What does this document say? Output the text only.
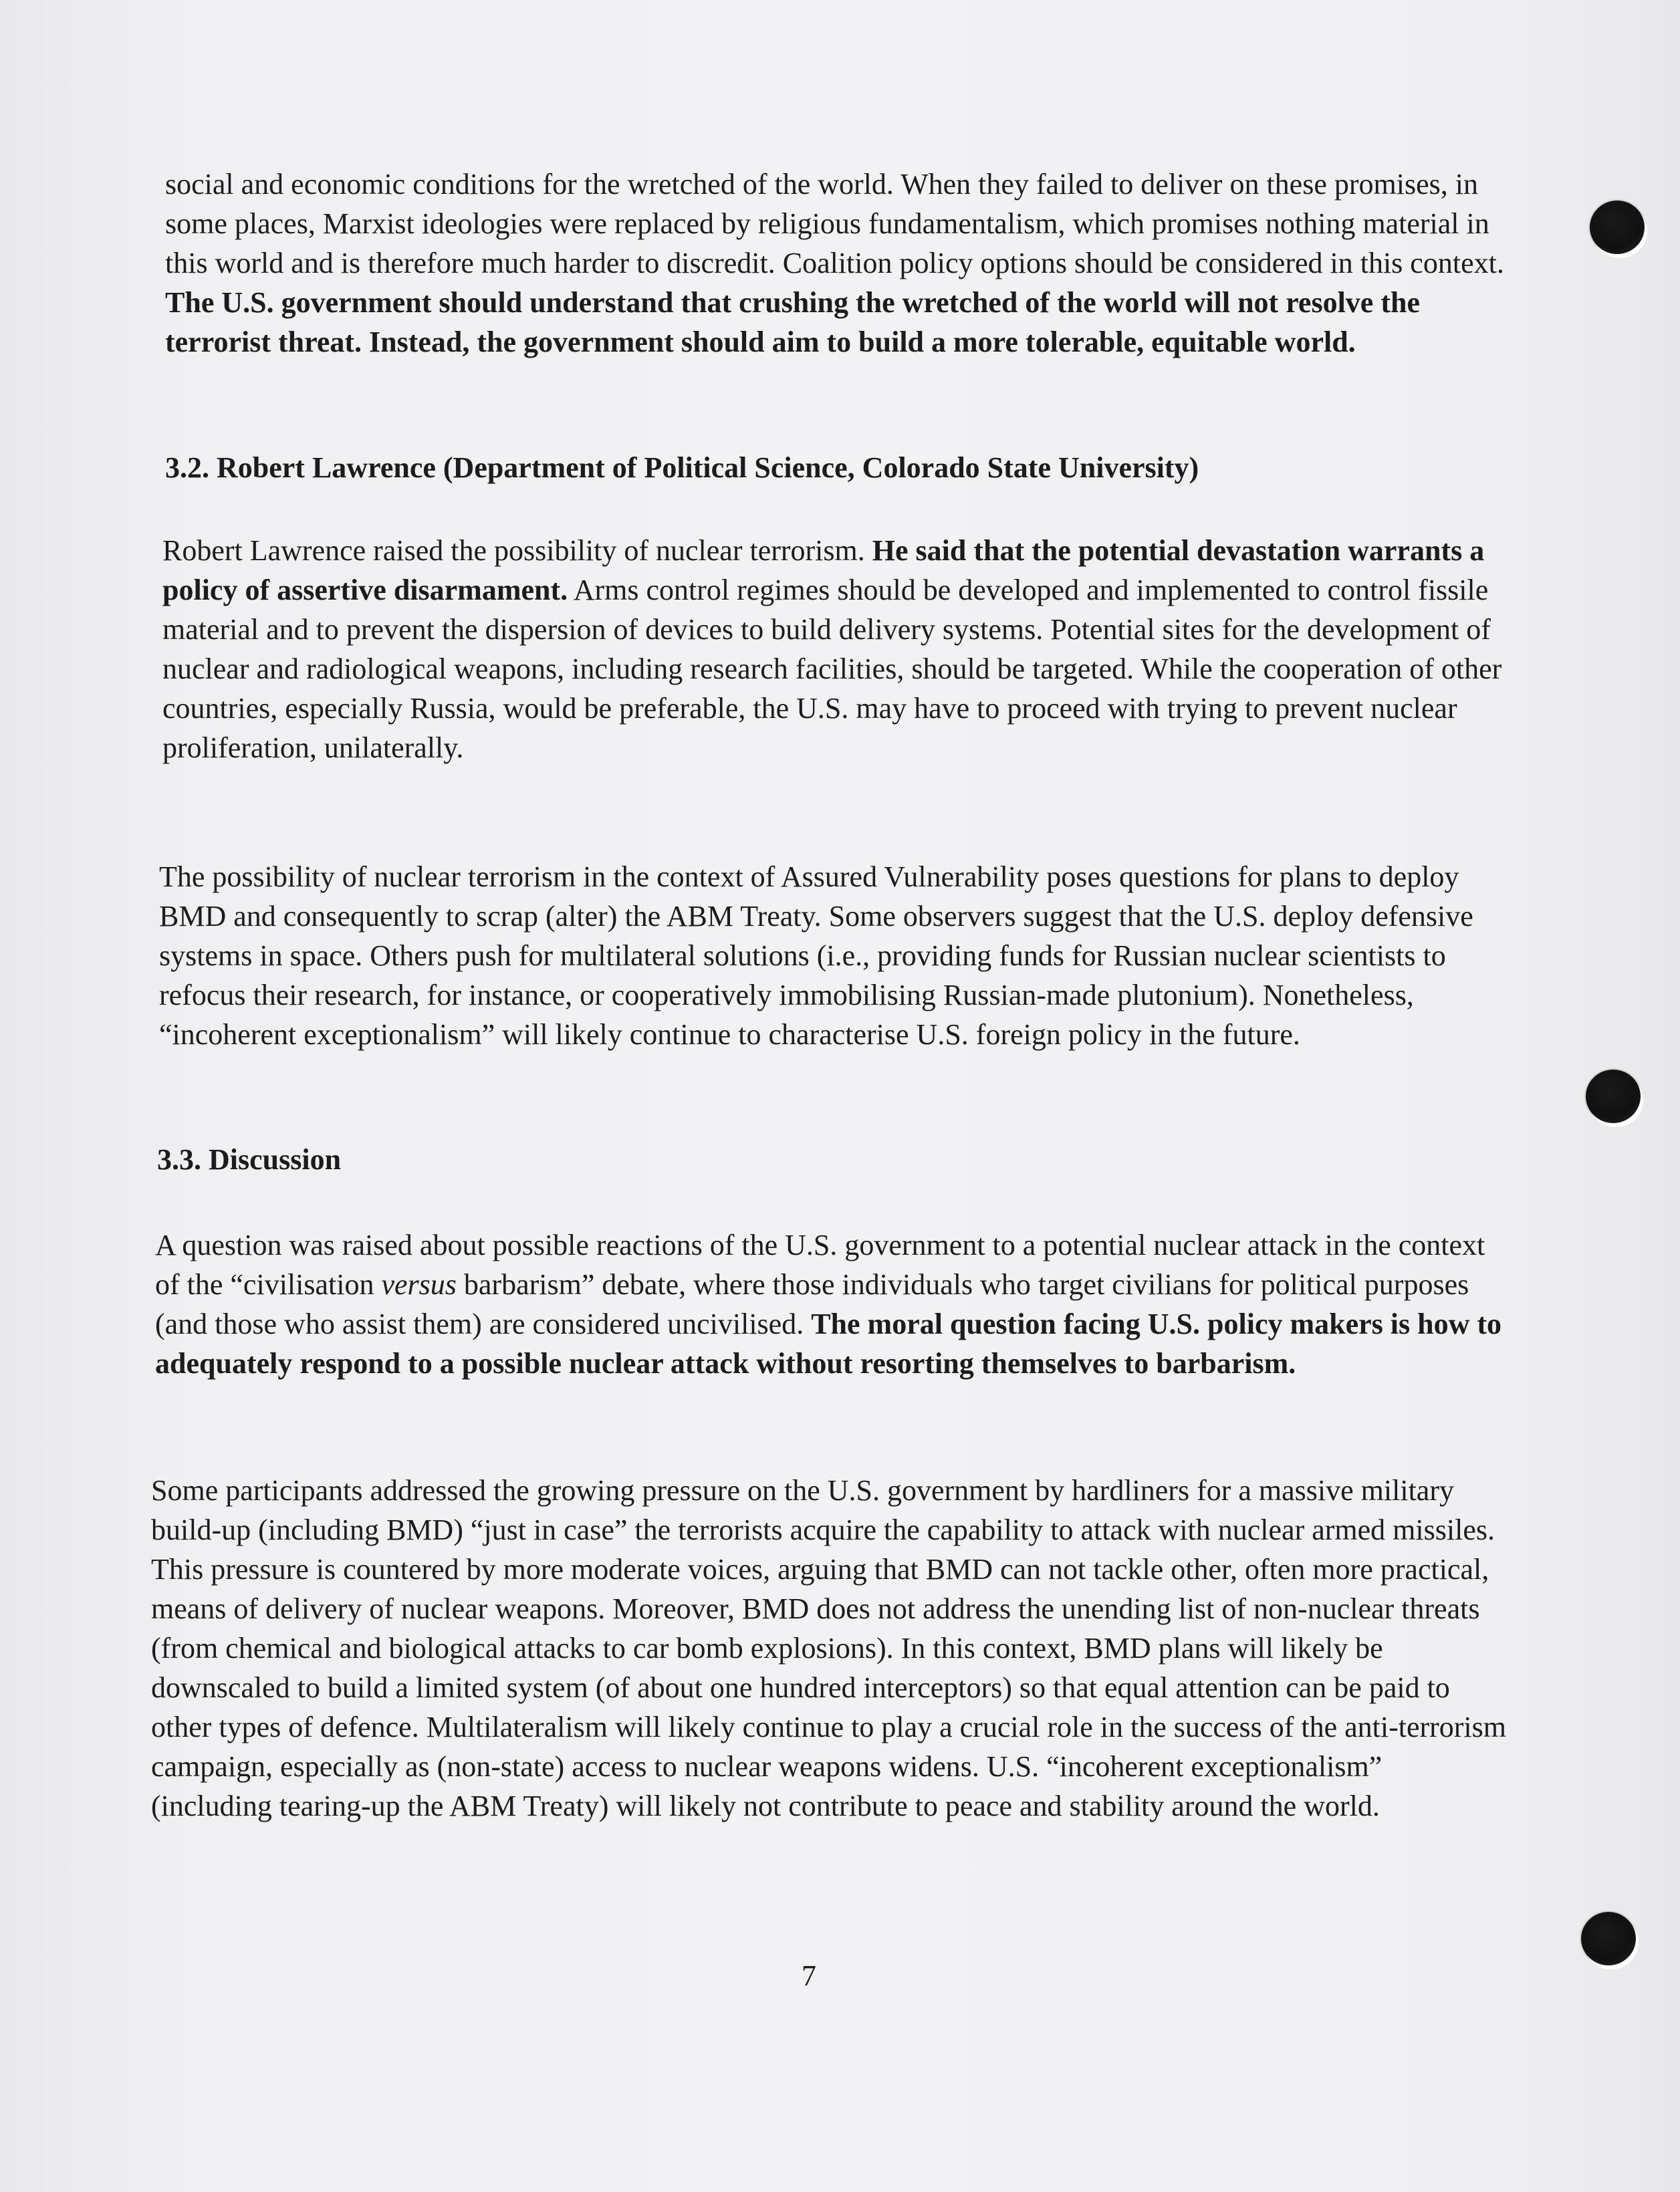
social and economic conditions for the wretched of the world. When they failed to deliver on these promises, in some places, Marxist ideologies were replaced by religious fundamentalism, which promises nothing material in this world and is therefore much harder to discredit. Coalition policy options should be considered in this context. The U.S. government should understand that crushing the wretched of the world will not resolve the terrorist threat. Instead, the government should aim to build a more tolerable, equitable world.

3.2. Robert Lawrence (Department of Political Science, Colorado State University)

Robert Lawrence raised the possibility of nuclear terrorism. He said that the potential devastation warrants a policy of assertive disarmament. Arms control regimes should be developed and implemented to control fissile material and to prevent the dispersion of devices to build delivery systems. Potential sites for the development of nuclear and radiological weapons, including research facilities, should be targeted. While the cooperation of other countries, especially Russia, would be preferable, the U.S. may have to proceed with trying to prevent nuclear proliferation, unilaterally.

The possibility of nuclear terrorism in the context of Assured Vulnerability poses questions for plans to deploy BMD and consequently to scrap (alter) the ABM Treaty. Some observers suggest that the U.S. deploy defensive systems in space. Others push for multilateral solutions (i.e., providing funds for Russian nuclear scientists to refocus their research, for instance, or cooperatively immobilising Russian-made plutonium). Nonetheless, “incoherent exceptionalism” will likely continue to characterise U.S. foreign policy in the future.

3.3. Discussion

A question was raised about possible reactions of the U.S. government to a potential nuclear attack in the context of the “civilisation versus barbarism” debate, where those individuals who target civilians for political purposes (and those who assist them) are considered uncivilised. The moral question facing U.S. policy makers is how to adequately respond to a possible nuclear attack without resorting themselves to barbarism.

Some participants addressed the growing pressure on the U.S. government by hardliners for a massive military build-up (including BMD) “just in case” the terrorists acquire the capability to attack with nuclear armed missiles. This pressure is countered by more moderate voices, arguing that BMD can not tackle other, often more practical, means of delivery of nuclear weapons. Moreover, BMD does not address the unending list of non-nuclear threats (from chemical and biological attacks to car bomb explosions). In this context, BMD plans will likely be downscaled to build a limited system (of about one hundred interceptors) so that equal attention can be paid to other types of defence. Multilateralism will likely continue to play a crucial role in the success of the anti-terrorism campaign, especially as (non-state) access to nuclear weapons widens. U.S. “incoherent exceptionalism” (including tearing-up the ABM Treaty) will likely not contribute to peace and stability around the world.

7
